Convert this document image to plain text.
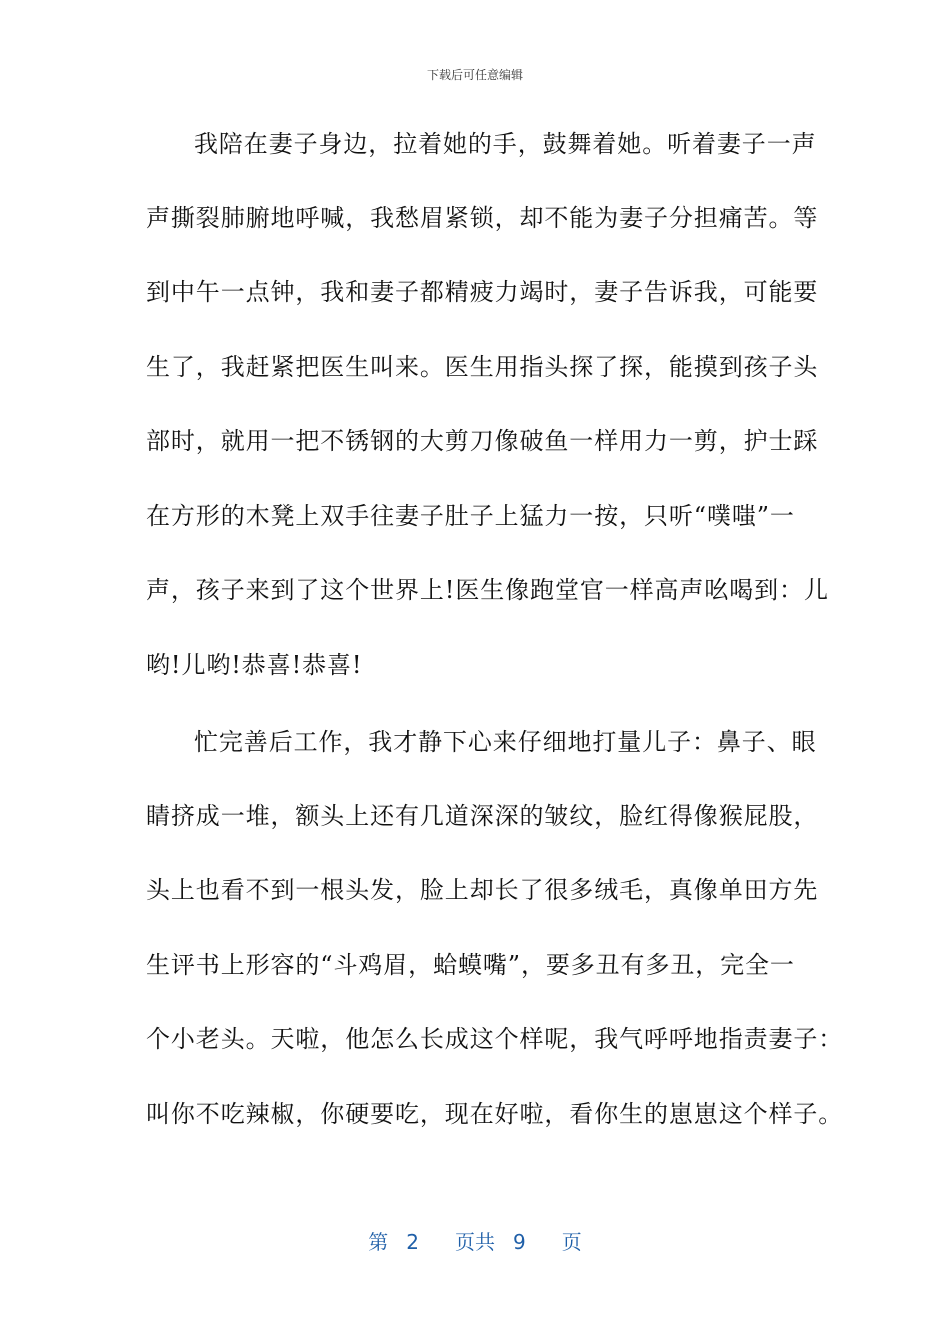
下载后可任意编辑
我陪在妻子身边，拉着她的手，鼓舞着她。听着妻子一声
声撕裂肺腑地呼喊，我愁眉紧锁，却不能为妻子分担痛苦。等
到中午一点钟，我和妻子都精疲力竭时，妻子告诉我，可能要
生了，我赶紧把医生叫来。医生用指头探了探，能摸到孩子头
部时，就用一把不锈钢的大剪刀像破鱼一样用力一剪，护士踩
在方形的木凳上双手往妻子肚子上猛力一按，只听“噗嗤”一
声，孩子来到了这个世界上!医生像跑堂官一样高声吆喝到：儿
哟!儿哟!恭喜!恭喜!
忙完善后工作，我才静下心来仔细地打量儿子：鼻子、眼
睛挤成一堆，额头上还有几道深深的皱纹，脸红得像猴屁股，
头上也看不到一根头发，脸上却长了很多绒毛，真像单田方先
生评书上形容的“斗鸡眉，蛤蟆嘴”，要多丑有多丑，完全一
个小老头。天啦，他怎么长成这个样呢，我气呼呼地指责妻子：
叫你不吃辣椒，你硬要吃，现在好啦，看你生的崽崽这个样子。
第 2 页共 9 页
